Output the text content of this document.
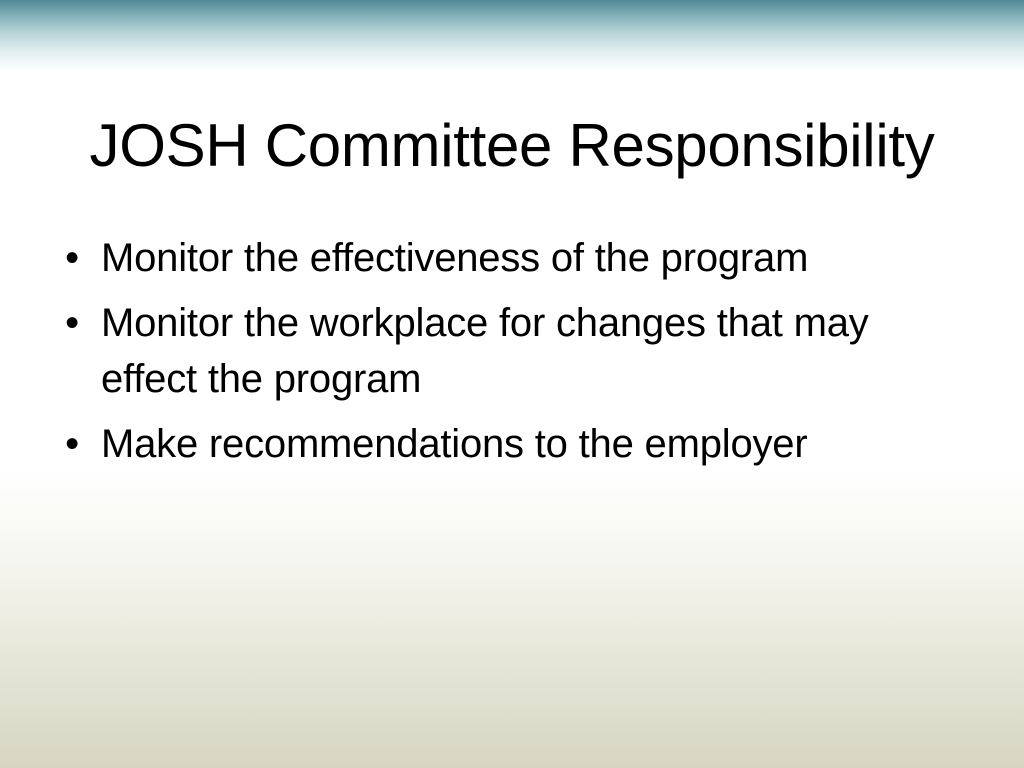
JOSH Committee Responsibility
• Monitor the effectiveness of the program
• Monitor the workplace for changes that may effect the program
• Make recommendations to the employer
